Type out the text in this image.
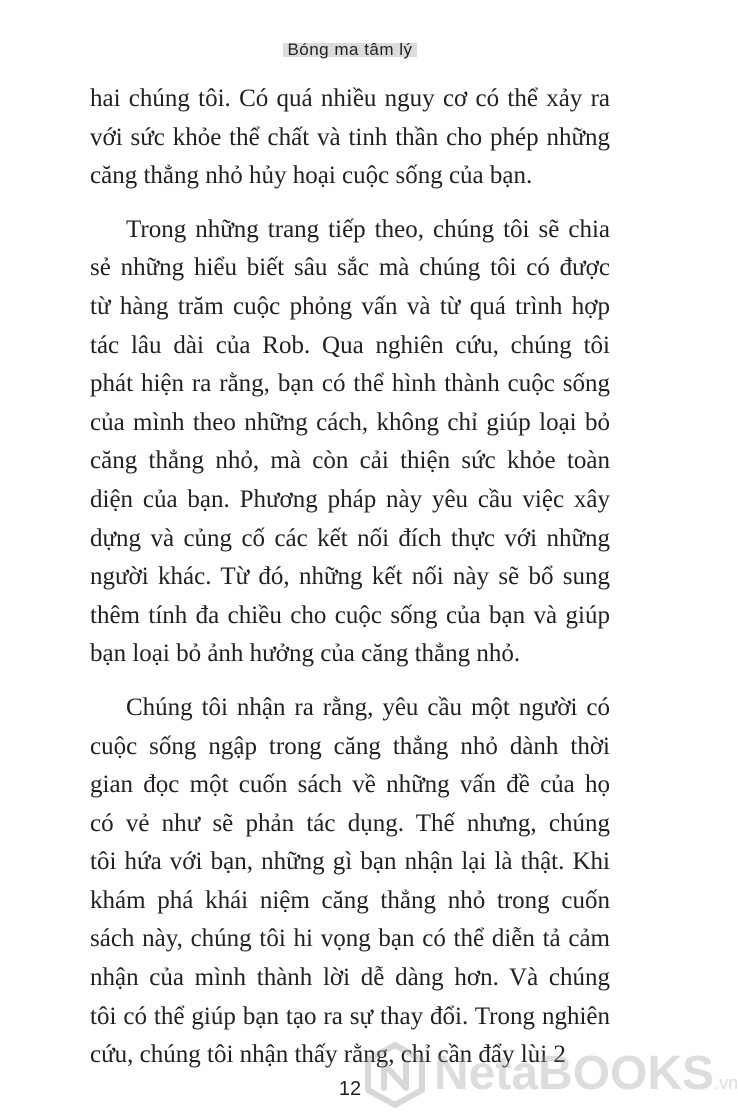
Bóng ma tâm lý

hai chúng tôi. Có quá nhiều nguy cơ có thể xảy ra
với sức khỏe thể chất và tinh thần cho phép những
căng thẳng nhỏ hủy hoại cuộc sống của bạn.

Trong những trang tiếp theo, chúng tôi sẽ chia
sẻ những hiểu biết sâu sắc mà chúng tôi có được
từ hàng trăm cuộc phỏng vấn và từ quá trình hợp
tác lâu dài của Rob. Qua nghiên cứu, chúng tôi
phát hiện ra rằng, bạn có thể hình thành cuộc sống
của mình theo những cách, không chỉ giúp loại bỏ
căng thẳng nhỏ, mà còn cải thiện sức khỏe toàn
diện của bạn. Phương pháp này yêu cầu việc xây
dựng và củng cố các kết nối đích thực với những
người khác. Từ đó, những kết nối này sẽ bổ sung
thêm tính đa chiều cho cuộc sống của bạn và giúp
bạn loại bỏ ảnh hưởng của căng thẳng nhỏ.

Chúng tôi nhận ra rằng, yêu cầu một người có
cuộc sống ngập trong căng thẳng nhỏ dành thời
gian đọc một cuốn sách về những vấn đề của họ
có vẻ như sẽ phản tác dụng. Thế nhưng, chúng
tôi hứa với bạn, những gì bạn nhận lại là thật. Khi
khám phá khái niệm căng thẳng nhỏ trong cuốn
sách này, chúng tôi hi vọng bạn có thể diễn tả cảm
nhận của mình thành lời dễ dàng hơn. Và chúng
tôi có thể giúp bạn tạo ra sự thay đổi. Trong nghiên
cứu, chúng tôi nhận thấy rằng, chỉ cần đẩy lùi 2

12	NetaBOOKS.vn
